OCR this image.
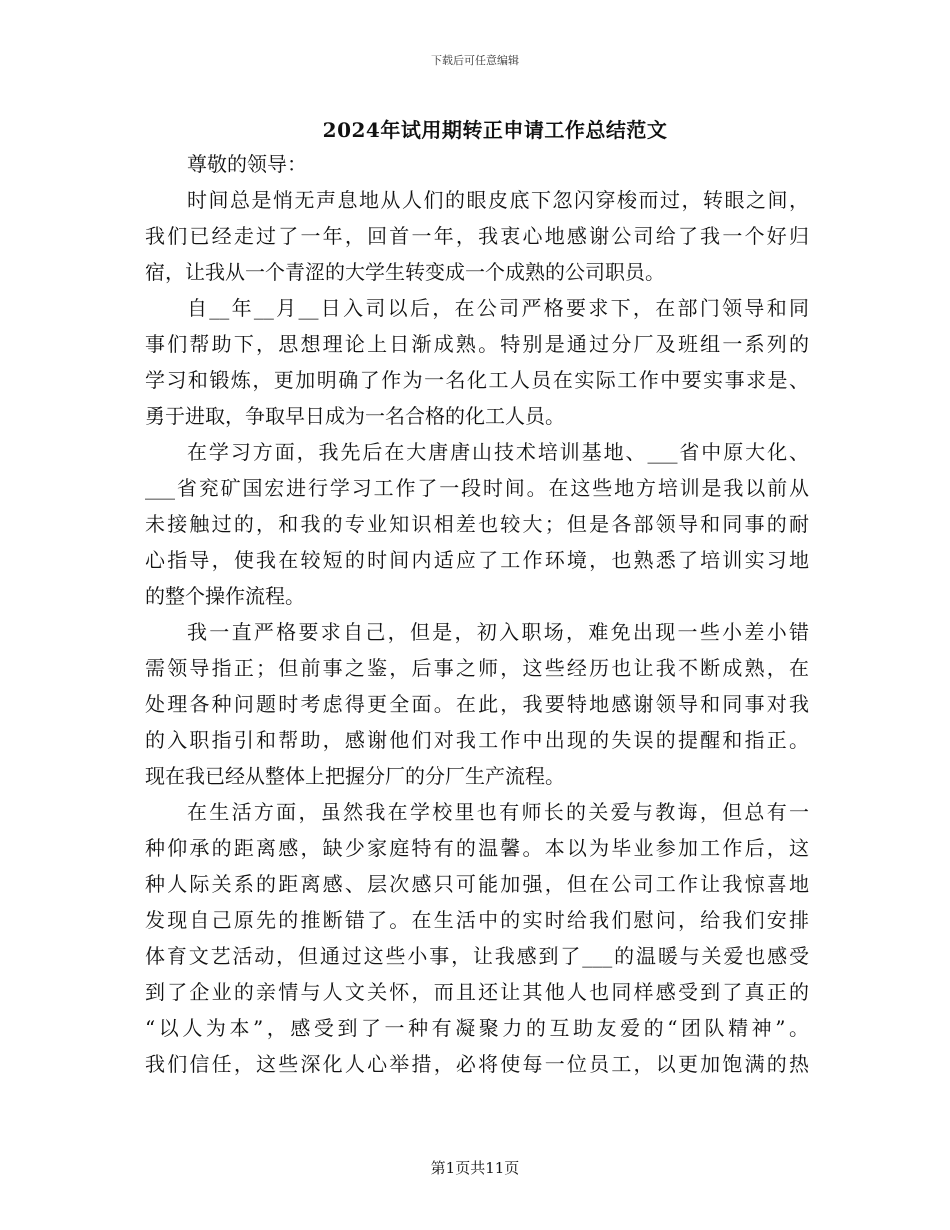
下载后可任意编辑
2024年试用期转正申请工作总结范文
尊敬的领导：
时间总是悄无声息地从人们的眼皮底下忽闪穿梭而过，转眼之间，
我们已经走过了一年，回首一年，我衷心地感谢公司给了我一个好归
宿，让我从一个青涩的大学生转变成一个成熟的公司职员。
自__年__月__日入司以后，在公司严格要求下，在部门领导和同
事们帮助下，思想理论上日渐成熟。特别是通过分厂及班组一系列的
学习和锻炼，更加明确了作为一名化工人员在实际工作中要实事求是、
勇于进取，争取早日成为一名合格的化工人员。
在学习方面，我先后在大唐唐山技术培训基地、___省中原大化、
___省兖矿国宏进行学习工作了一段时间。在这些地方培训是我以前从
未接触过的，和我的专业知识相差也较大；但是各部领导和同事的耐
心指导，使我在较短的时间内适应了工作环境，也熟悉了培训实习地
的整个操作流程。
我一直严格要求自己，但是，初入职场，难免出现一些小差小错
需领导指正；但前事之鉴，后事之师，这些经历也让我不断成熟，在
处理各种问题时考虑得更全面。在此，我要特地感谢领导和同事对我
的入职指引和帮助，感谢他们对我工作中出现的失误的提醒和指正。
现在我已经从整体上把握分厂的分厂生产流程。
在生活方面，虽然我在学校里也有师长的关爱与教诲，但总有一
种仰承的距离感，缺少家庭特有的温馨。本以为毕业参加工作后，这
种人际关系的距离感、层次感只可能加强，但在公司工作让我惊喜地
发现自己原先的推断错了。在生活中的实时给我们慰问，给我们安排
体育文艺活动，但通过这些小事，让我感到了___的温暖与关爱也感受
到了企业的亲情与人文关怀，而且还让其他人也同样感受到了真正的
“以人为本”，感受到了一种有凝聚力的互助友爱的“团队精神”。
我们信任，这些深化人心举措，必将使每一位员工，以更加饱满的热
第1页共11页
